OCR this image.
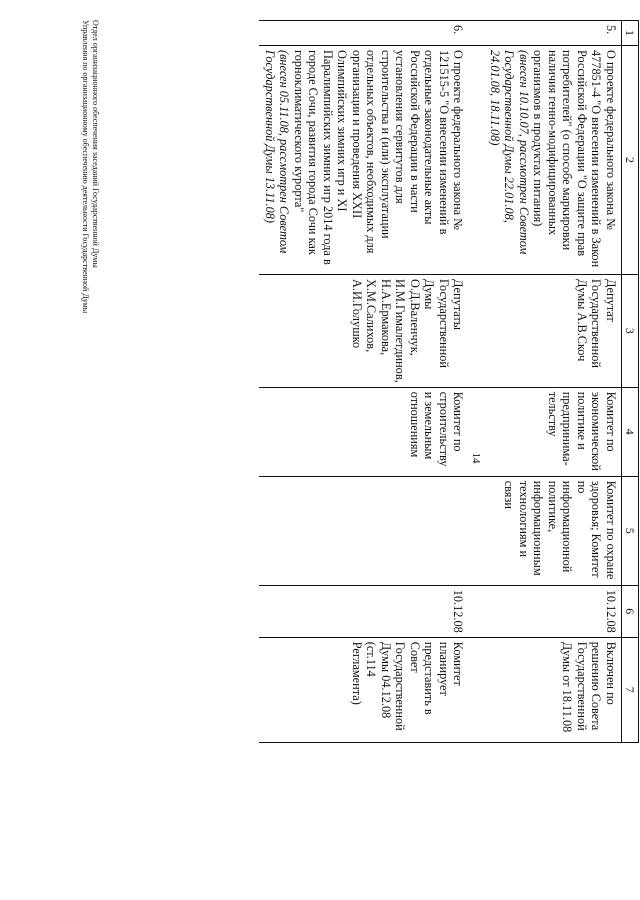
14
1	2	3	4	5	6	7
5.	О проекте федерального закона № 477851-4 "О внесении изменений в Закон Российской Федерации "О защите прав потребителей" (о способе маркировки наличия генно-модифицированных организмов в продуктах питания)
(внесен 10.10.07, рассмотрен Советом Государственной Думы 22.01.08, 24.01.08, 18.11.08)	Депутат Государственной Думы А.В.Скоч	Комитет по экономической политике и предпринима-тельству	Комитет по охране здоровья; Комитет по информационной политике, информационным технологиям и связи	10.12.08	Включен по решению Совета Государственной Думы от 18.11.08

6.	О проекте федерального закона № 121515-5 "О внесении изменений в отдельные законодательные акты Российской Федерации в части установления сервитутов для строительства и (или) эксплуатации отдельных объектов, необходимых для организации и проведения XXII Олимпийских зимних игр и XI Паралимпийских зимних игр 2014 года в городе Сочи, развития города Сочи как горноклиматического курорта"
(внесен 05.11.08, рассмотрен Советом Государственной Думы 13.11.08)	Депутаты Государственной Думы О.Д.Валенчук, И.М.Гималетдинов, Н.А.Ермакова, Х.М.Салихов, А.И.Голушко	Комитет по строительству и земельным отношениям		10.12.08	Комитет планирует представить в Совет Государственной Думы 04.12.08 (ст.114 Регламента)
Отдел организационного обеспечения заседаний Государственной Думы
Управления по организационному обеспечению деятельности Государственной Думы
